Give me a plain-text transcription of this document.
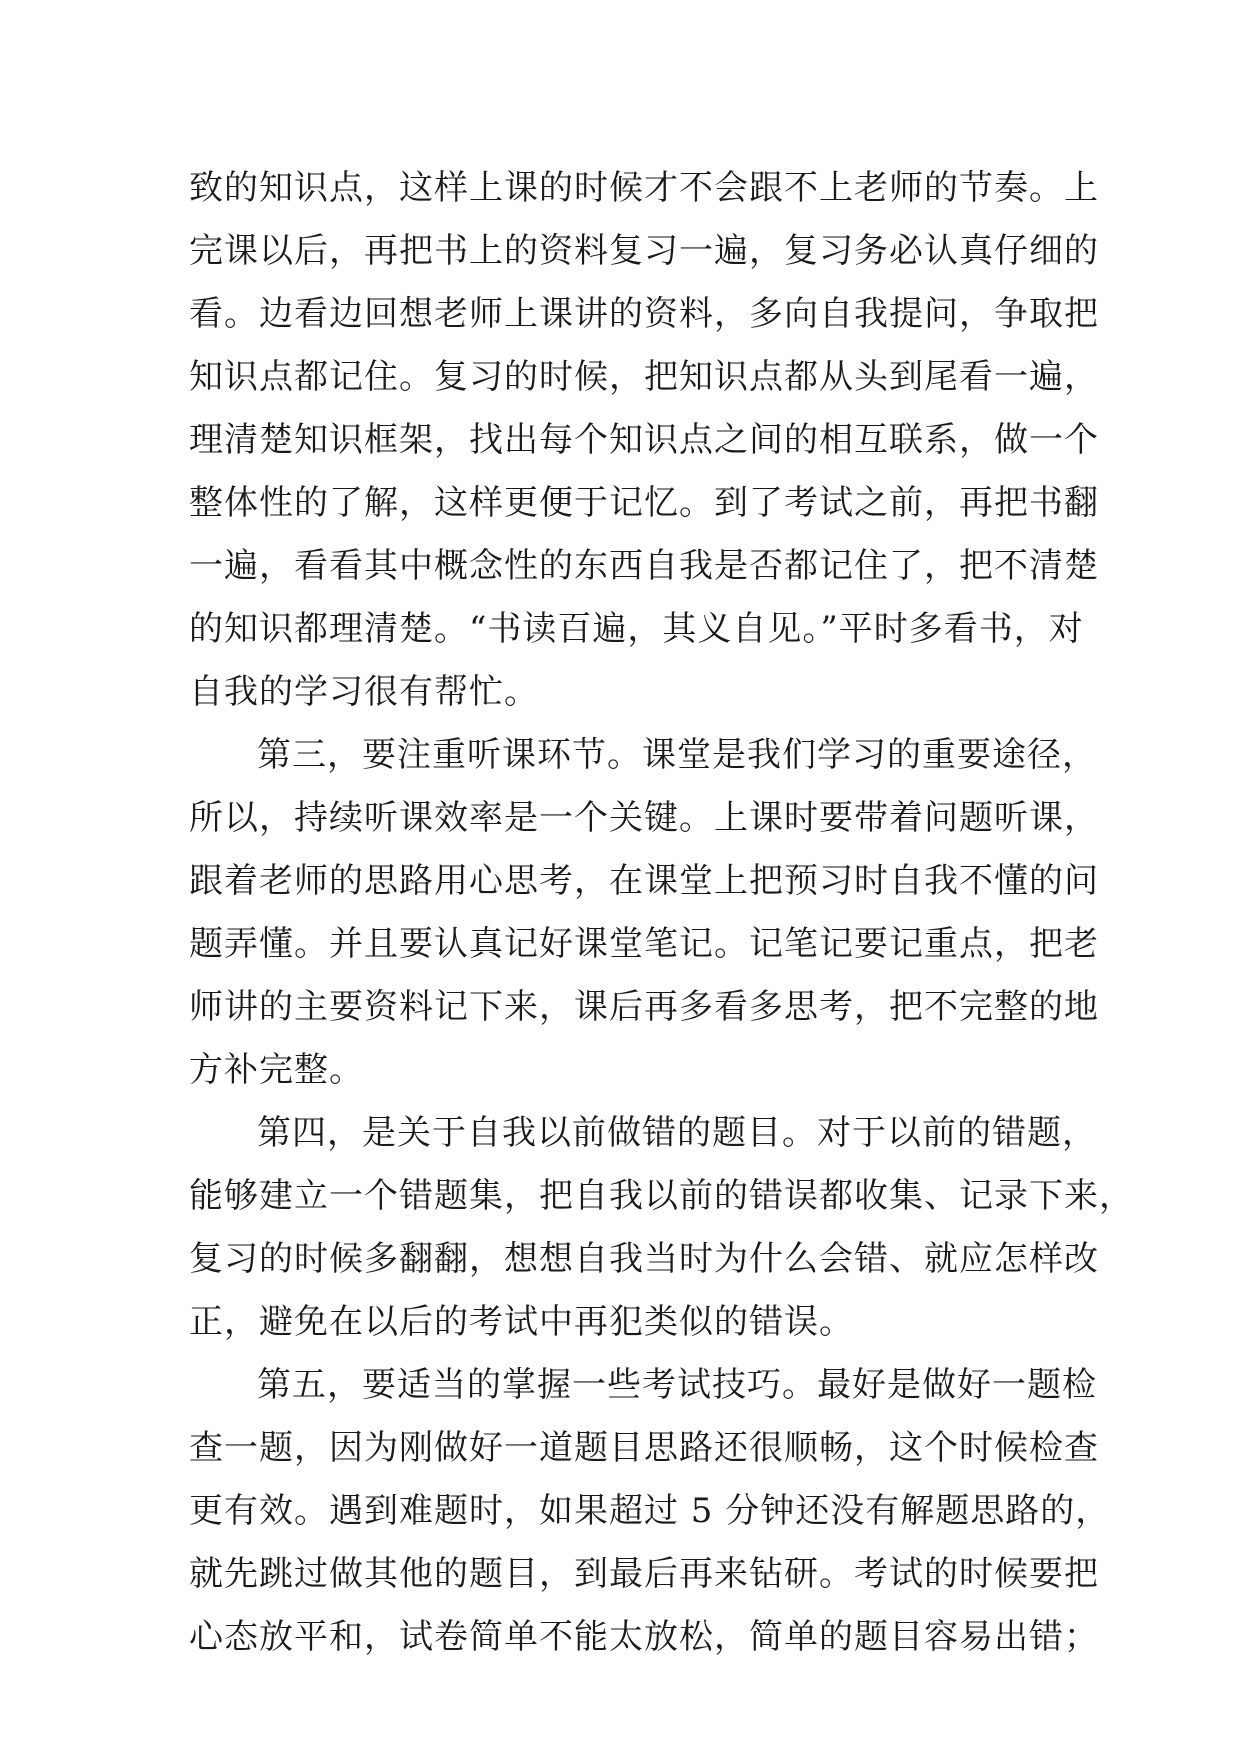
致的知识点，这样上课的时候才不会跟不上老师的节奏。上
完课以后，再把书上的资料复习一遍，复习务必认真仔细的
看。边看边回想老师上课讲的资料，多向自我提问，争取把
知识点都记住。复习的时候，把知识点都从头到尾看一遍，
理清楚知识框架，找出每个知识点之间的相互联系，做一个
整体性的了解，这样更便于记忆。到了考试之前，再把书翻
一遍，看看其中概念性的东西自我是否都记住了，把不清楚
的知识都理清楚。“书读百遍，其义自见。”平时多看书，对
自我的学习很有帮忙。
第三，要注重听课环节。课堂是我们学习的重要途径，
所以，持续听课效率是一个关键。上课时要带着问题听课，
跟着老师的思路用心思考，在课堂上把预习时自我不懂的问
题弄懂。并且要认真记好课堂笔记。记笔记要记重点，把老
师讲的主要资料记下来，课后再多看多思考，把不完整的地
方补完整。
第四，是关于自我以前做错的题目。对于以前的错题，
能够建立一个错题集，把自我以前的错误都收集、记录下来，
复习的时候多翻翻，想想自我当时为什么会错、就应怎样改
正，避免在以后的考试中再犯类似的错误。
第五，要适当的掌握一些考试技巧。最好是做好一题检
查一题，因为刚做好一道题目思路还很顺畅，这个时候检查
更有效。遇到难题时，如果超过 5 分钟还没有解题思路的，
就先跳过做其他的题目，到最后再来钻研。考试的时候要把
心态放平和，试卷简单不能太放松，简单的题目容易出错；
